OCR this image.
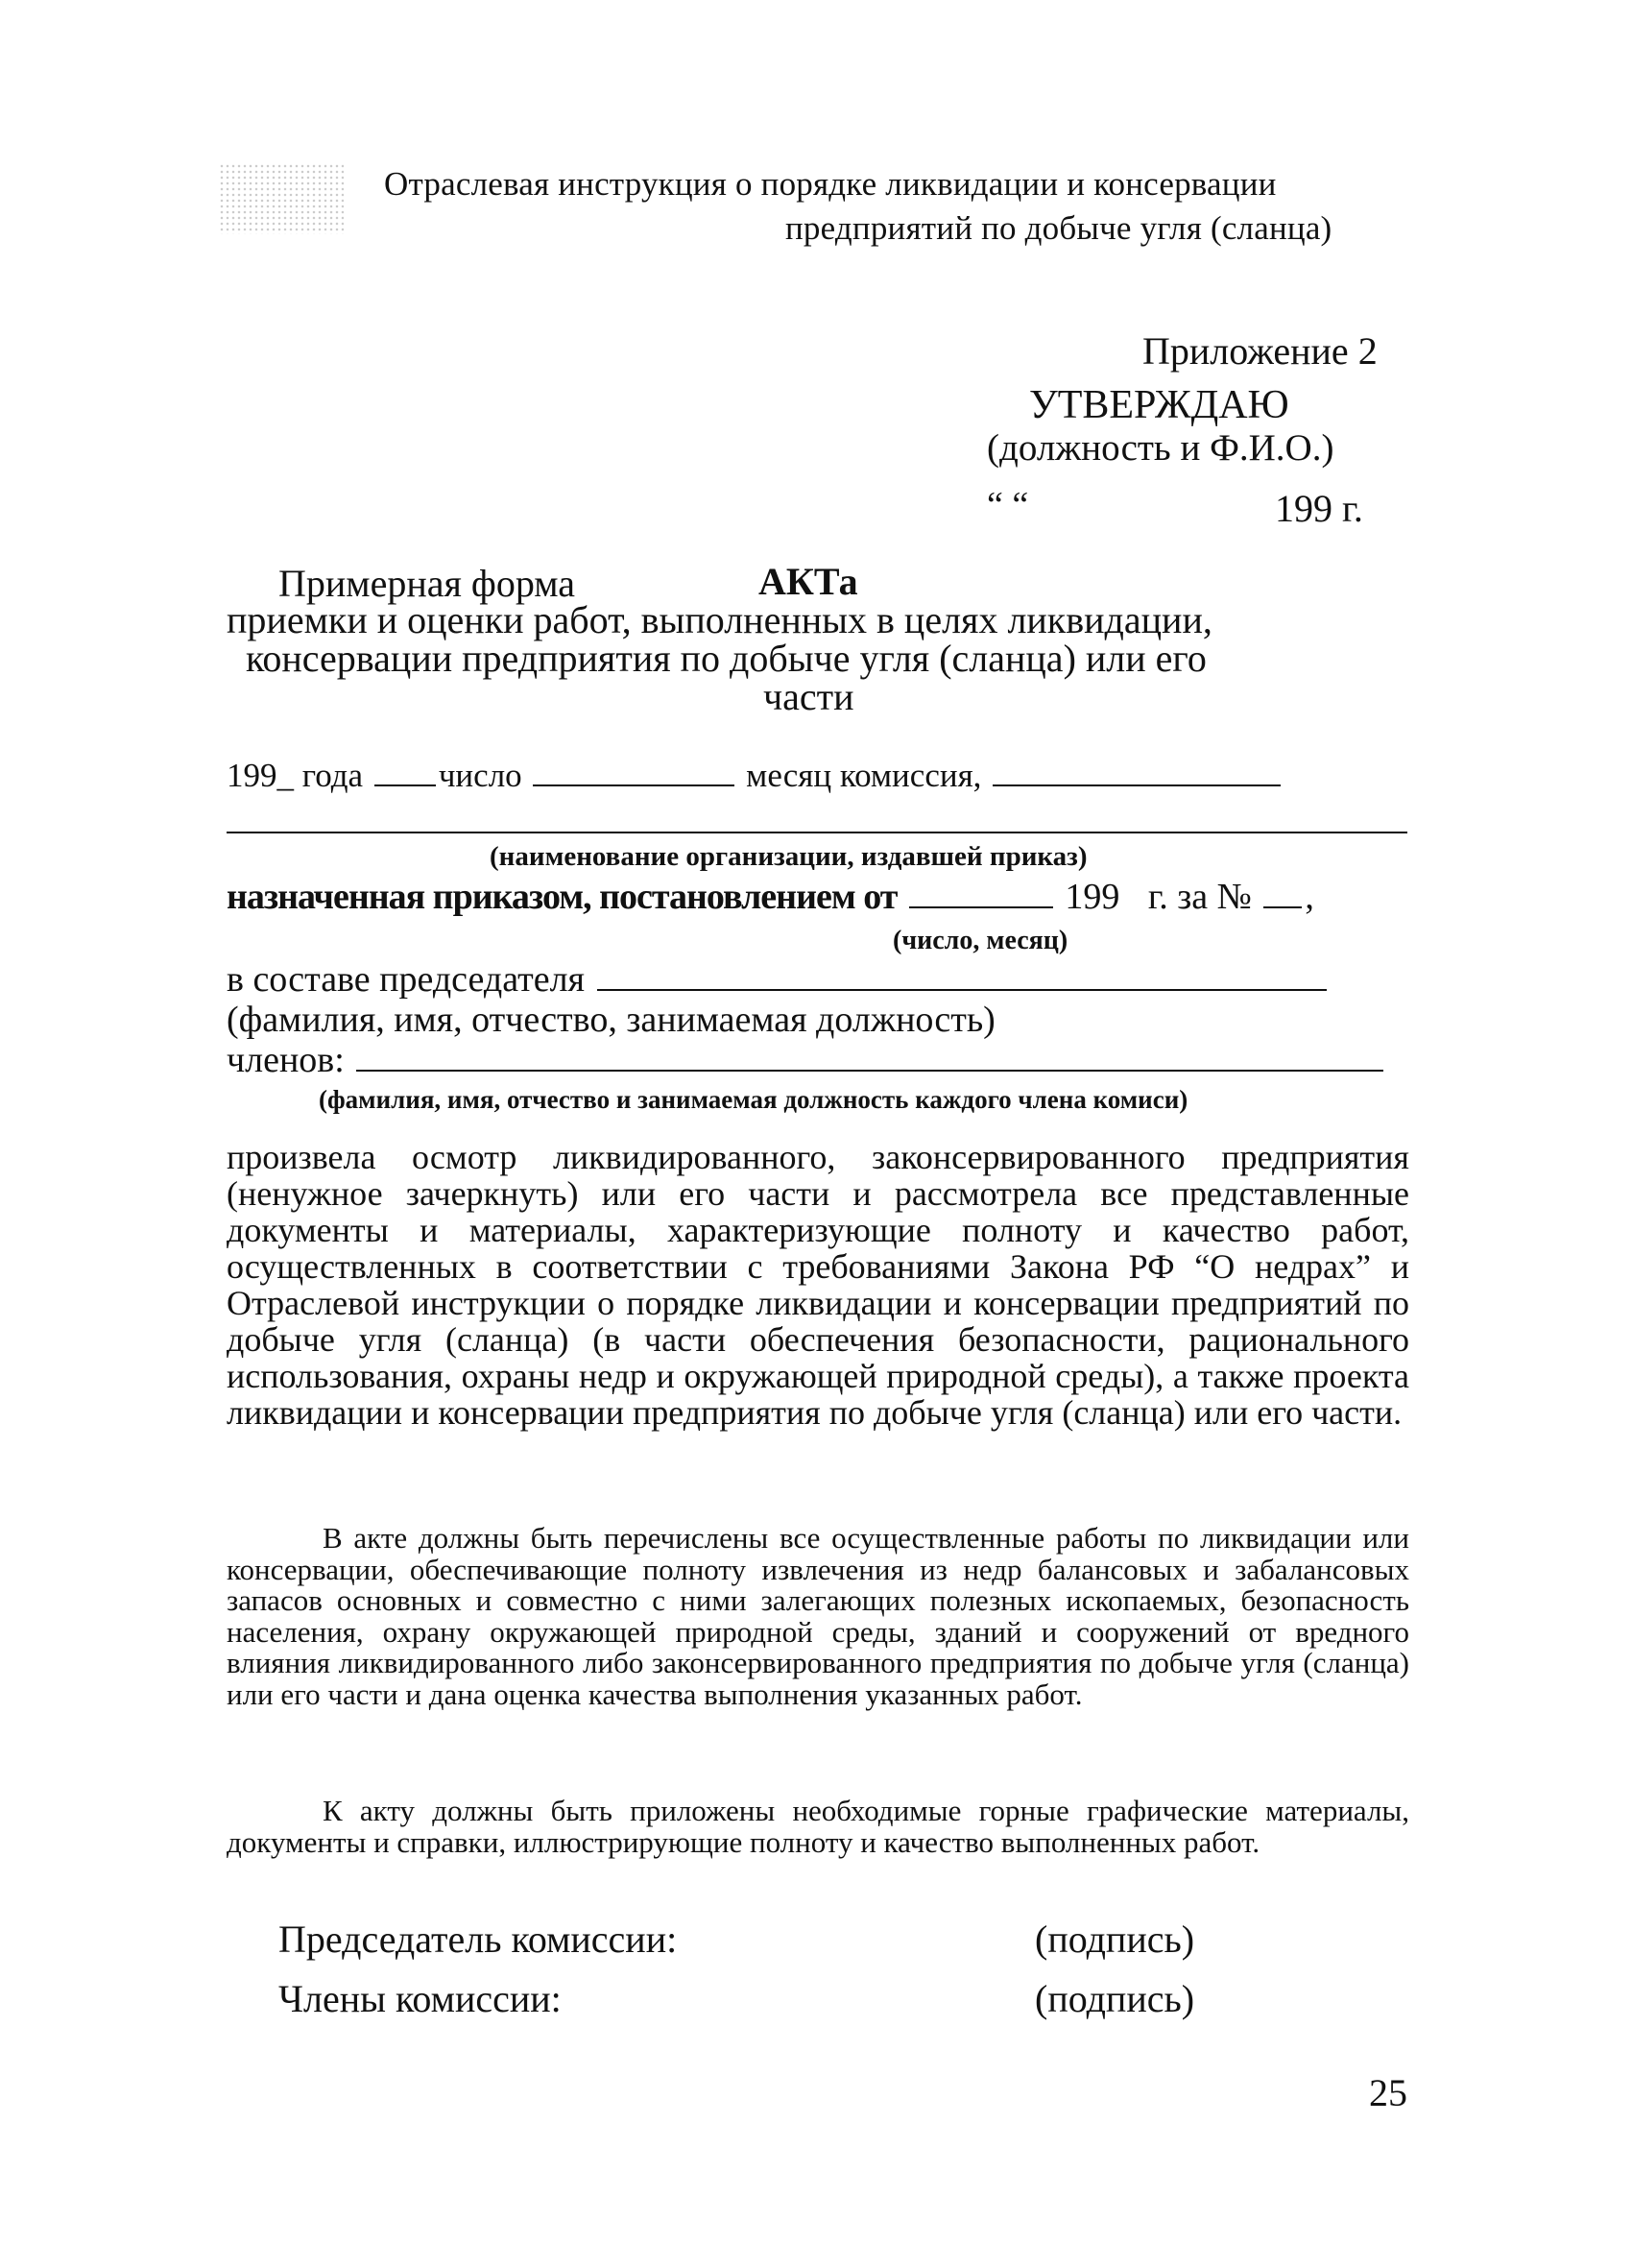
Отраслевая инструкция о порядке ликвидации и консервации
предприятий по добыче угля (сланца)
Приложение 2
УТВЕРЖДАЮ
(должность и Ф.И.О.)
“ “	199 г.
Примерная форма	АКТа
приемки и оценки работ, выполненных в целях ликвидации,
консервации предприятия по добыче угля (сланца) или его
части
199_ года число	месяц комиссия,
(наименование организации, издавшей приказ)
назначенная приказом, постановлением от	199 г. за № ,
(число, месяц)
в составе председателя
(фамилия, имя, отчество, занимаемая должность)
членов:
(фамилия, имя, отчество и занимаемая должность каждого члена комиси)
произвела осмотр ликвидированного, законсервированного предприятия (ненужное зачеркнуть) или его части и рассмотрела все представленные документы и материалы, характеризующие полноту и качество работ, осуществленных в соответствии с требованиями Закона РФ “О недрах” и Отраслевой инструкции о порядке ликвидации и консервации предприятий по добыче угля (сланца) (в части обеспечения безопасности, рационального использования, охраны недр и окружающей природной среды), а также проекта ликвидации и консервации предприятия по добыче угля (сланца) или его части.
В акте должны быть перечислены все осуществленные работы по ликвидации или консервации, обеспечивающие полноту извлечения из недр балансовых и забалансовых запасов основных и совместно с ними залегающих полезных ископаемых, безопасность населения, охрану окружающей природной среды, зданий и сооружений от вредного влияния ликвидированного либо законсервированного предприятия по добыче угля (сланца) или его части и дана оценка качества выполнения указанных работ.
К акту должны быть приложены необходимые горные графические материалы, документы и справки, иллюстрирующие полноту и качество выполненных работ.
Председатель комиссии:	(подпись)
Члены комиссии:	(подпись)
25
